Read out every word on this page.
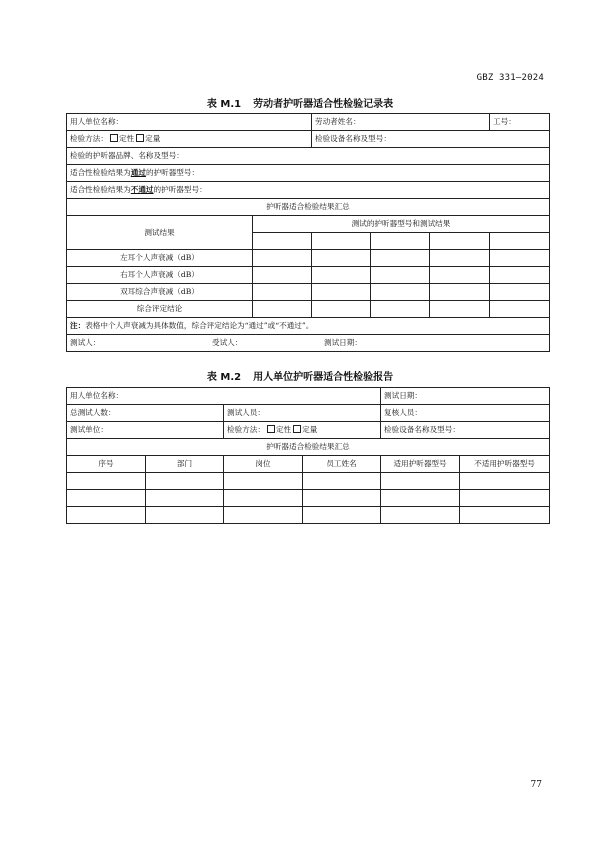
GBZ 331—2024
表 M.1 劳动者护听器适合性检验记录表
用人单位名称：		劳动者姓名：			工号：
检验方法： 定性 定量		检验设备名称及型号：			
检验的护听器品牌、名称及型号：					
适合性检验结果为通过的护听器型号：					
适合性检验结果为不通过的护听器型号：					
护听器适合检验结果汇总					
测试结果	测试的护听器型号和测试结果				

左耳个人声衰减（dB）					
右耳个人声衰减（dB）					
双耳综合声衰减（dB）					
综合评定结论					
注：表格中个人声衰减为具体数值，综合评定结论为“通过”或“不通过”。					
测试人： 受试人： 测试日期：					
表 M.2 用人单位护听器适合性检验报告
用人单位名称：				测试日期：	
总测试人数：		测试人员：		复核人员：	
测试单位：		检验方法： 定性 定量		检验设备名称及型号：	
护听器适合检验结果汇总					
序号	部门	岗位	员工姓名	适用护听器型号	不适用护听器型号

77
